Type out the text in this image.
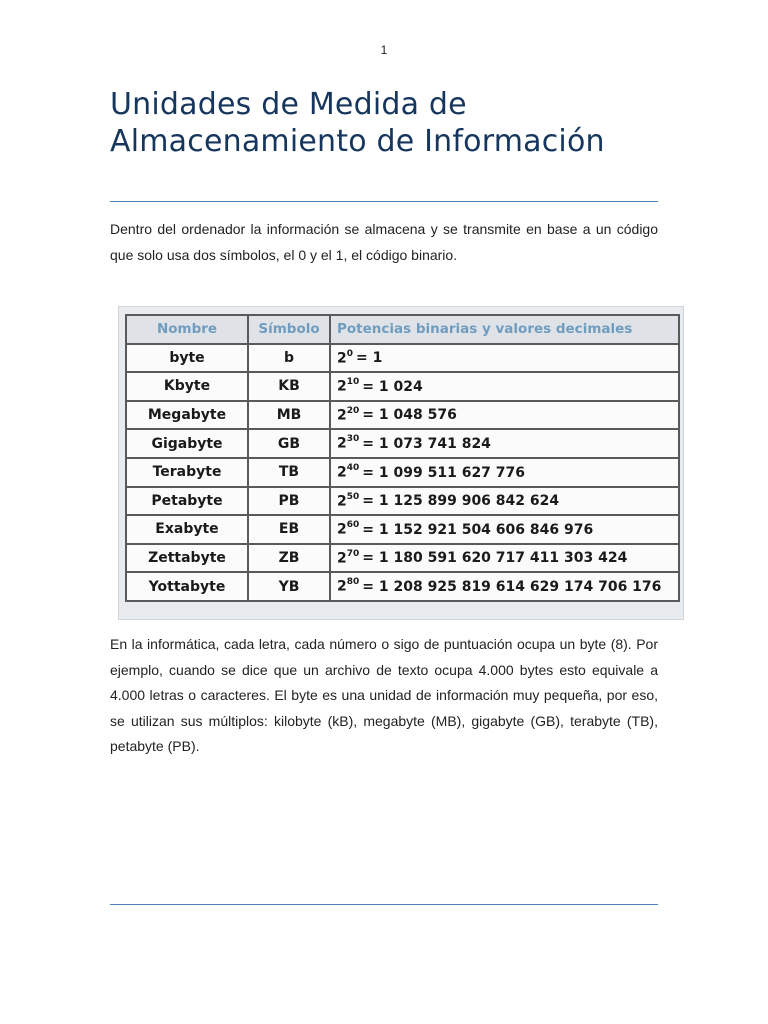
1
Unidades de Medida de Almacenamiento de Información

Dentro del ordenador la información se almacena y se transmite en base a un código que solo usa dos símbolos, el 0 y el 1, el código binario.

Nombre	Símbolo	Potencias binarias y valores decimales
byte	b	$2^0 = 1$
Kbyte	KB	$2^{10} = 1$ 024
Megabyte	MB	$2^{20} = 1$ 048 576
Gigabyte	GB	$2^{30} = 1$ 073 741 824
Terabyte	TB	$2^{40} = 1$ 099 511 627 776
Petabyte	PB	$2^{50} = 1$ 125 899 906 842 624
Exabyte	EB	$2^{60} = 1$ 152 921 504 606 846 976
Zettabyte	ZB	$2^{70} = 1$ 180 591 620 717 411 303 424
Yottabyte	YB	$2^{80} = 1$ 208 925 819 614 629 174 706 176

En la informática, cada letra, cada número o sigo de puntuación ocupa un byte (8). Por ejemplo, cuando se dice que un archivo de texto ocupa 4.000 bytes esto equivale a 4.000 letras o caracteres. El byte es una unidad de información muy pequeña, por eso, se utilizan sus múltiplos: kilobyte (kB), megabyte (MB), gigabyte (GB), terabyte (TB), petabyte (PB).
